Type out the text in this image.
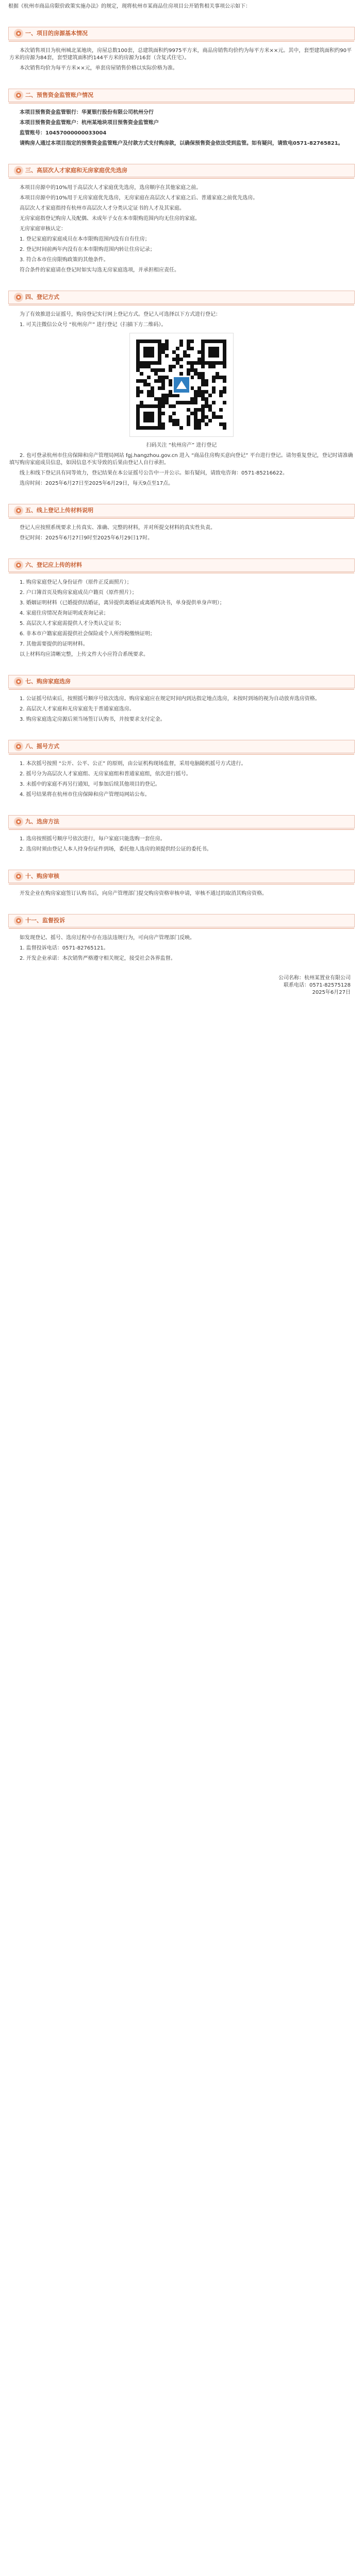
根据《杭州市商品房限价政策实施办法》的规定，现将杭州市某商品住房项目公开销售相关事项公示如下：

一、项目的房源基本情况

本次销售项目为杭州城北某地块，房屋总数100套，总建筑面积约9975平方米，商品房销售均价约为每平方米××元。其中，套型建筑面积约90平方米的房源为84套，套型建筑面积约144平方米的房源为16套（含复式住宅）。

本次销售均价为每平方米××元，单套房屋销售价格以实际价格为准。

二、预售资金监管账户情况

本项目预售资金监管银行：华夏银行股份有限公司杭州分行

本项目预售资金监管账户：杭州某地块项目预售资金监管账户

监管账号：10457000000033004

请购房人通过本项目指定的预售资金监管账户及付款方式支付购房款，以确保预售资金依法受到监管。如有疑问，请致电0571-82765821。

三、高层次人才家庭和无房家庭优先选房

本项目房源中的10%用于高层次人才家庭优先选房，选房顺序在其他家庭之前。

本项目房源中的10%用于无房家庭优先选房，无房家庭在高层次人才家庭之后、普通家庭之前优先选房。

高层次人才家庭指持有杭州市高层次人才分类认定证书的人才及其家庭。

无房家庭指登记购房人及配偶、未成年子女在本市限购范围内均无住房的家庭。

无房家庭审核认定：

1. 登记家庭的家庭成员在本市限购范围内没有自有住房；

2. 登记时间前两年内没有在本市限购范围内转让住房记录；

3. 符合本市住房限购政策的其他条件。

符合条件的家庭请在登记时如实勾选无房家庭选项，并承担相应责任。

四、登记方式

为了有效推进公证摇号，购房登记实行网上登记方式。登记人可选择以下方式进行登记：

1. 可关注微信公众号 “杭州房产” 进行登记（扫描下方二维码）。

扫码关注 “杭州房产” 进行登记

2. 也可登录杭州市住房保障和房产管理局网站 fgj.hangzhou.gov.cn 进入 “商品住房购买意向登记” 平台进行登记。请勿重复登记，登记时请准确填写购房家庭成员信息，如因信息不实导致的后果由登记人自行承担。

线上和线下登记具有同等效力，登记结果在本公证摇号公告中一并公示。如有疑问，请致电咨询：0571-85216622。

选房时间：2025年6月27日至2025年6月29日，每天9点至17点。

五、线上登记上传材料说明

登记人应按照系统要求上传真实、准确、完整的材料，并对所提交材料的真实性负责。

登记时间：2025年6月27日9时至2025年6月29日17时。

六、登记应上传的材料

1. 购房家庭登记人身份证件（原件正反面照片）；

2. 户口簿首页及购房家庭成员户籍页（原件照片）；

3. 婚姻证明材料（已婚提供结婚证，离异提供离婚证或离婚判决书，单身提供单身声明）；

4. 家庭住房情况查询证明或查询记录；

5. 高层次人才家庭需提供人才分类认定证书；

6. 非本市户籍家庭需提供社会保险或个人所得税缴纳证明；

7. 其他需要提供的证明材料。

以上材料均应清晰完整，上传文件大小应符合系统要求。

七、购房家庭选房

1. 公证摇号结束后，按照摇号顺序号依次选房。购房家庭应在规定时间内到达指定地点选房，未按时到场的视为自动放弃选房资格。

2. 高层次人才家庭和无房家庭先于普通家庭选房。

3. 购房家庭选定房源后须当场签订认购书，并按要求支付定金。

八、摇号方式

1. 本次摇号按照 “公开、公平、公正” 的原则，由公证机构现场监督，采用电脑随机摇号方式进行。

2. 摇号分为高层次人才家庭组、无房家庭组和普通家庭组，依次进行摇号。

3. 未摇中的家庭不再另行通知，可参加后续其他项目的登记。

4. 摇号结果将在杭州市住房保障和房产管理局网站公布。

九、选房方法

1. 选房按照摇号顺序号依次进行，每户家庭只能选购一套住房。

2. 选房时须由登记人本人持身份证件到场，委托他人选房的须提供经公证的委托书。

十、购房审核

开发企业在购房家庭签订认购书后，向房产管理部门提交购房资格审核申请，审核不通过的取消其购房资格。

十一、监督投诉

如发现登记、摇号、选房过程中存在违法违规行为，可向房产管理部门反映。

1. 监督投诉电话：0571-82765121。

2. 开发企业承诺：本次销售严格遵守相关规定，接受社会各界监督。

公司名称：杭州某置业有限公司
联系电话：0571-82575128
2025年6月27日
